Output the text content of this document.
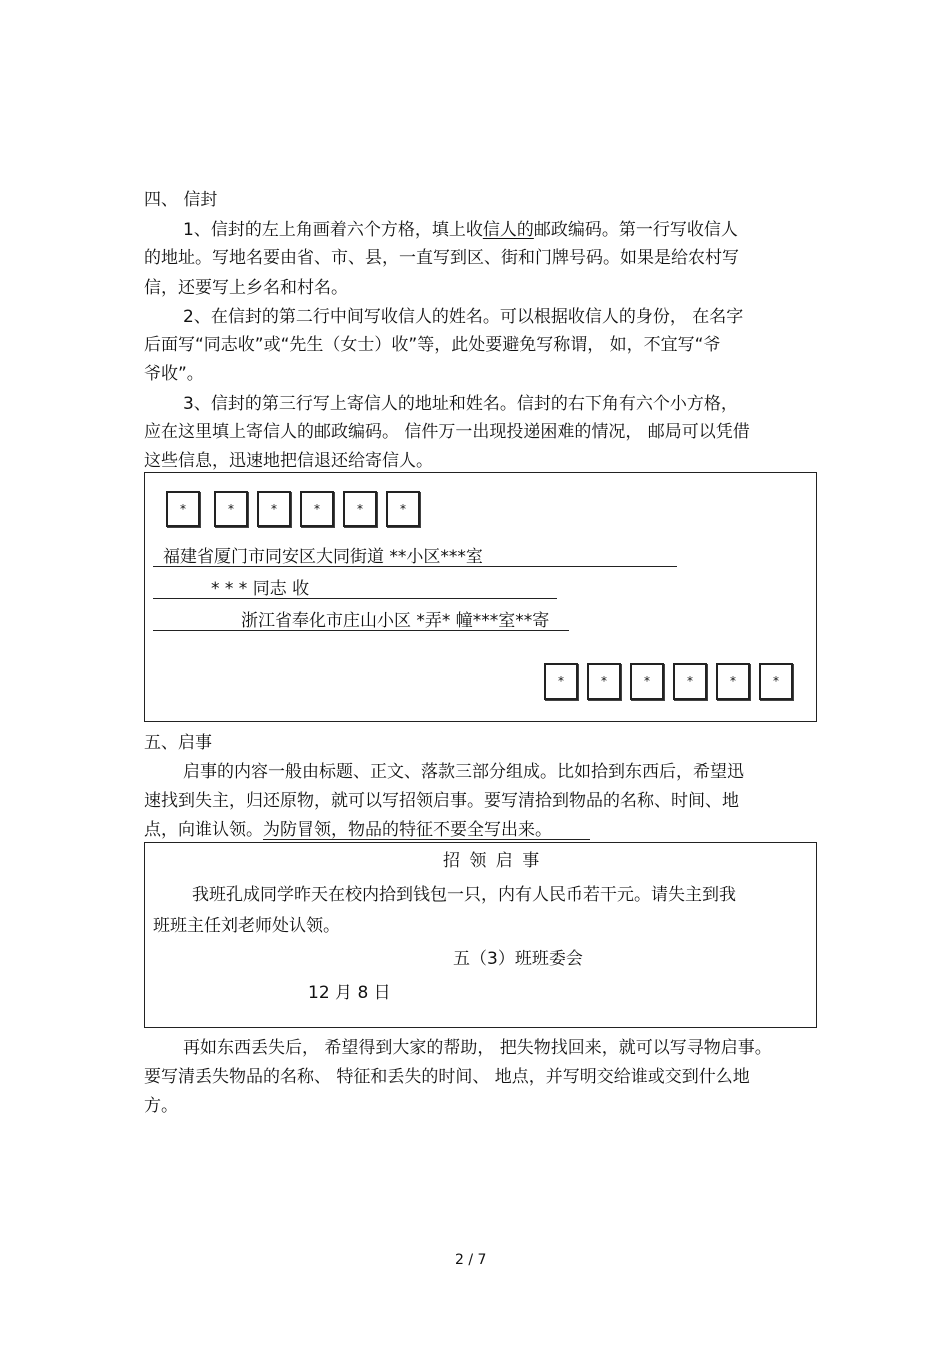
四、 信封
1、信封的左上角画着六个方格，填上收信人的邮政编码。第一行写收信人
的地址。写地名要由省、市、县，一直写到区、街和门牌号码。如果是给农村写
信，还要写上乡名和村名。
2、在信封的第二行中间写收信人的姓名。可以根据收信人的身份， 在名字
后面写“同志收”或“先生（女士）收”等，此处要避免写称谓， 如，不宜写“爷
爷收”。
3、信封的第三行写上寄信人的地址和姓名。信封的右下角有六个小方格，
应在这里填上寄信人的邮政编码。 信件万一出现投递困难的情况， 邮局可以凭借
这些信息，迅速地把信退还给寄信人。
*	*	*	*	*	*
福建省厦门市同安区大同街道 **小区***室
* * * 同志 收
浙江省奉化市庄山小区 *弄* 幢***室**寄
*	*	*	*	*	*
五、启事
启事的内容一般由标题、正文、落款三部分组成。比如拾到东西后，希望迅
速找到失主，归还原物，就可以写招领启事。要写清拾到物品的名称、时间、地
点，向谁认领。为防冒领，物品的特征不要全写出来。
招 领 启 事
我班孔成同学昨天在校内拾到钱包一只，内有人民币若干元。请失主到我
班班主任刘老师处认领。
五（3）班班委会
12 月 8 日
再如东西丢失后， 希望得到大家的帮助， 把失物找回来，就可以写寻物启事。
要写清丢失物品的名称、 特征和丢失的时间、 地点，并写明交给谁或交到什么地
方。
2 / 7
